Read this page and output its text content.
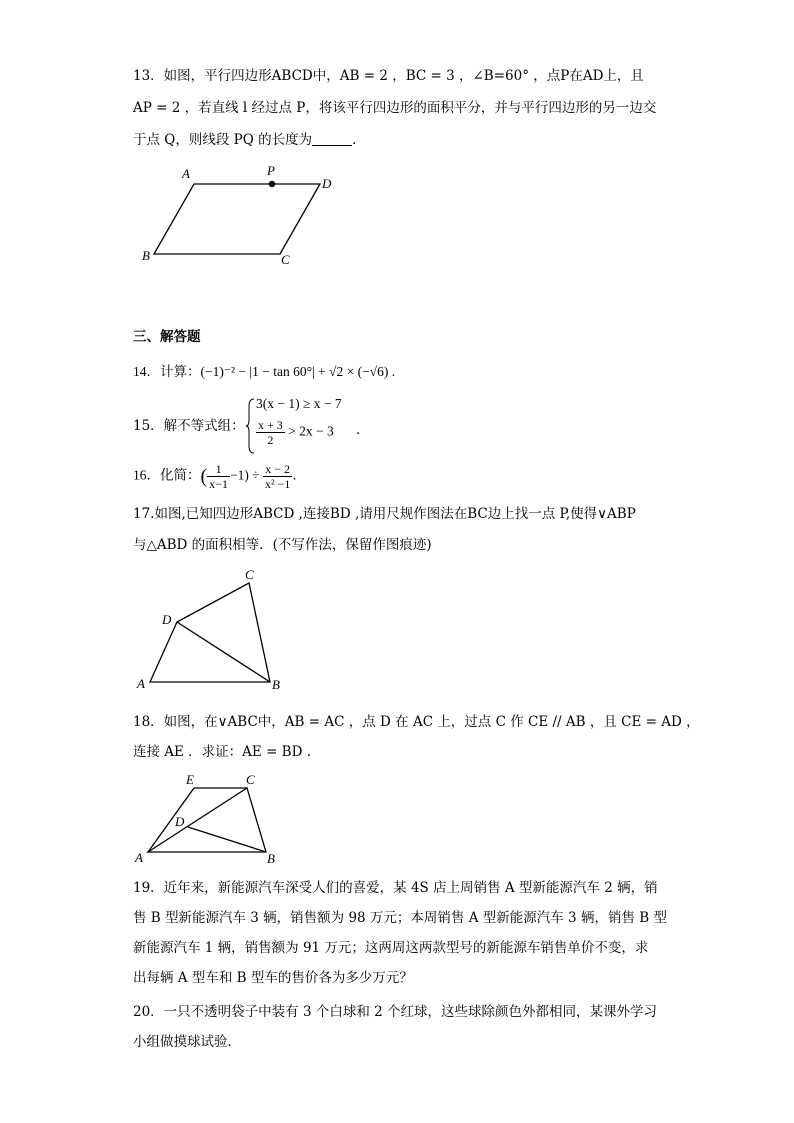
13．如图，平行四边形ABCD中，AB = 2 ，BC = 3 ，∠B=60° ，点P在AD上，且
AP = 2 ，若直线 l 经过点 P，将该平行四边形的面积平分，并与平行四边形的另一边交
于点 Q，则线段 PQ 的长度为	．
A	P
D
B	C
三、解答题
14．计算：(−1)⁻² − |1 − tan 60°| + √2 × (−√6) .
15．解不等式组：
3(x − 1) ≥ x − 7
$\frac{x + 3}{2} > 2x - 3$ ．
16．化简：( $\frac{1}{x-1} -1) \div \frac{x - 2}{\text{x² −1}}$ ．
17.如图,已知四边形ABCD ,连接BD ,请用尺规作图法在BC边上找一点 P,使得∨ABP
与△ABD 的面积相等．(不写作法，保留作图痕迹)
C
D
A	B
18．如图，在∨ABC中，AB = AC ，点 D 在 AC 上，过点 C 作 CE // AB ，且 CE = AD ，
连接 AE ．求证：AE = BD ．
E	C
D
A	B
19．近年来，新能源汽车深受人们的喜爱，某 4S 店上周销售 A 型新能源汽车 2 辆，销
售 B 型新能源汽车 3 辆，销售额为 98 万元；本周销售 A 型新能源汽车 3 辆，销售 B 型
新能源汽车 1 辆，销售额为 91 万元；这两周这两款型号的新能源车销售单价不变，求
出每辆 A 型车和 B 型车的售价各为多少万元？
20．一只不透明袋子中装有 3 个白球和 2 个红球，这些球除颜色外都相同，某课外学习
小组做摸球试验．
